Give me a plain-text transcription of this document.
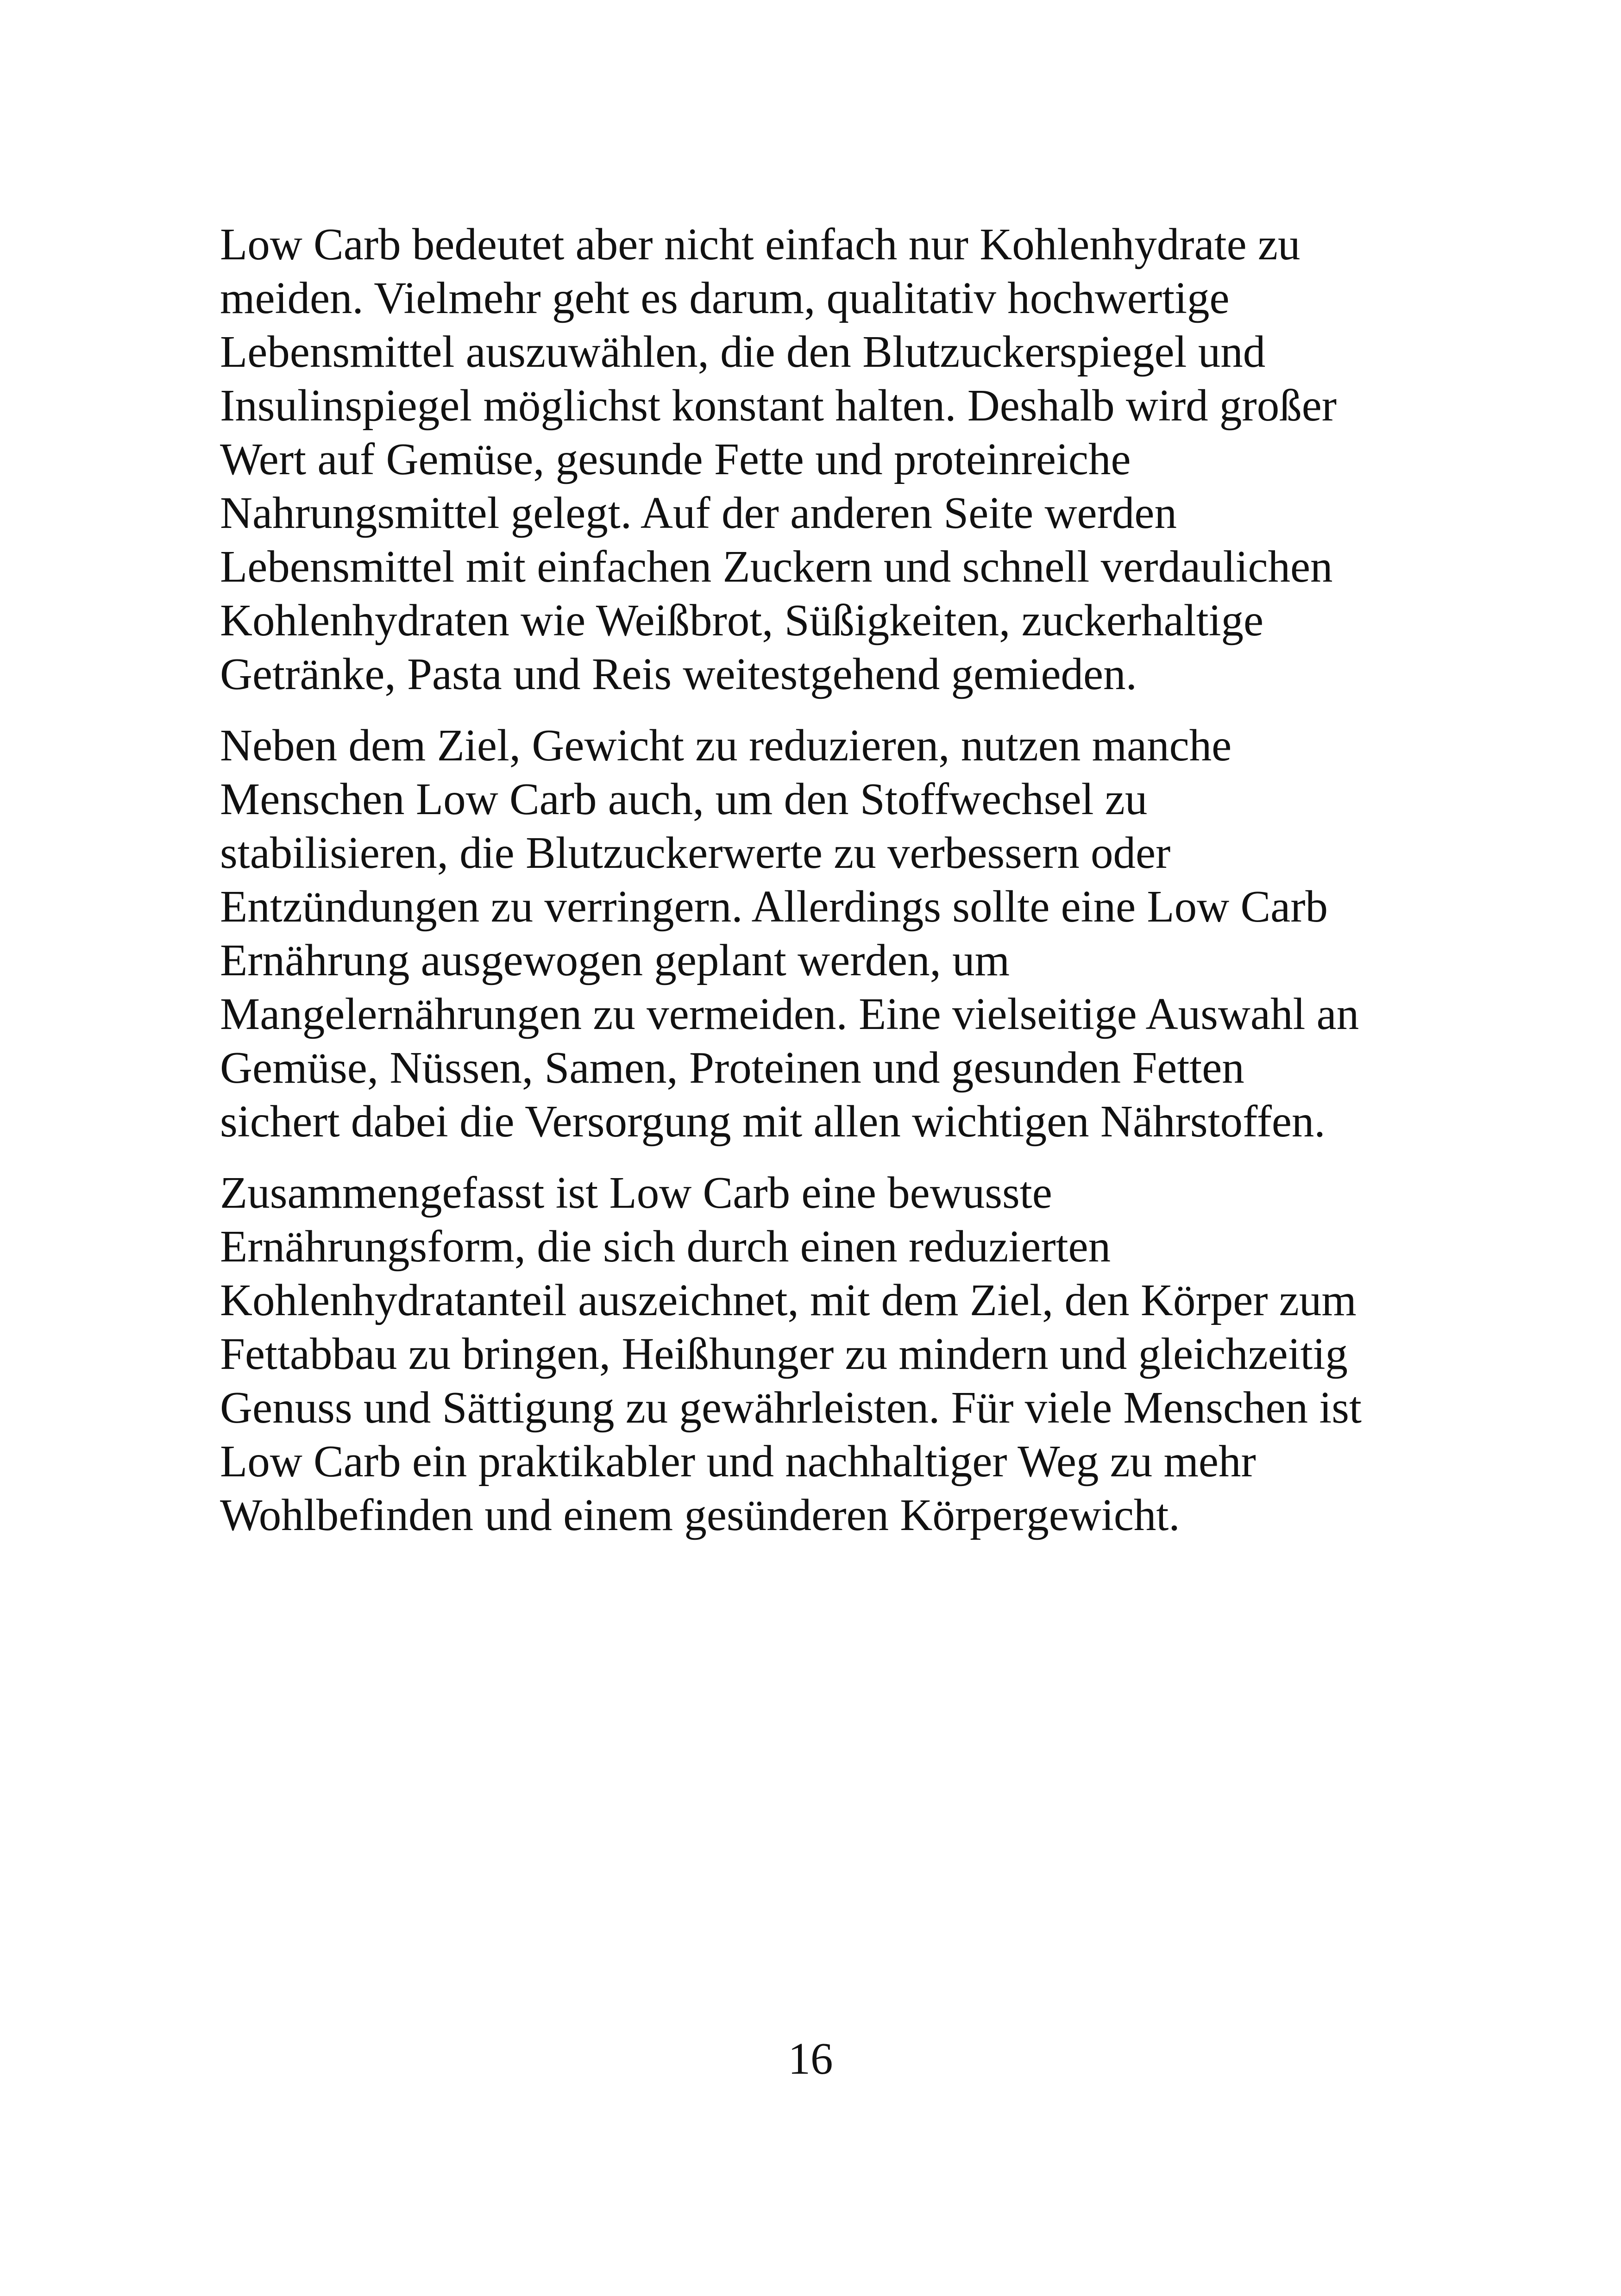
Low Carb bedeutet aber nicht einfach nur Kohlenhydrate zu
meiden. Vielmehr geht es darum, qualitativ hochwertige
Lebensmittel auszuwählen, die den Blutzuckerspiegel und
Insulinspiegel möglichst konstant halten. Deshalb wird großer
Wert auf Gemüse, gesunde Fette und proteinreiche
Nahrungsmittel gelegt. Auf der anderen Seite werden
Lebensmittel mit einfachen Zuckern und schnell verdaulichen
Kohlenhydraten wie Weißbrot, Süßigkeiten, zuckerhaltige
Getränke, Pasta und Reis weitestgehend gemieden.

Neben dem Ziel, Gewicht zu reduzieren, nutzen manche
Menschen Low Carb auch, um den Stoffwechsel zu
stabilisieren, die Blutzuckerwerte zu verbessern oder
Entzündungen zu verringern. Allerdings sollte eine Low Carb
Ernährung ausgewogen geplant werden, um
Mangelernährungen zu vermeiden. Eine vielseitige Auswahl an
Gemüse, Nüssen, Samen, Proteinen und gesunden Fetten
sichert dabei die Versorgung mit allen wichtigen Nährstoffen.

Zusammengefasst ist Low Carb eine bewusste
Ernährungsform, die sich durch einen reduzierten
Kohlenhydratanteil auszeichnet, mit dem Ziel, den Körper zum
Fettabbau zu bringen, Heißhunger zu mindern und gleichzeitig
Genuss und Sättigung zu gewährleisten. Für viele Menschen ist
Low Carb ein praktikabler und nachhaltiger Weg zu mehr
Wohlbefinden und einem gesünderen Körpergewicht.

16
